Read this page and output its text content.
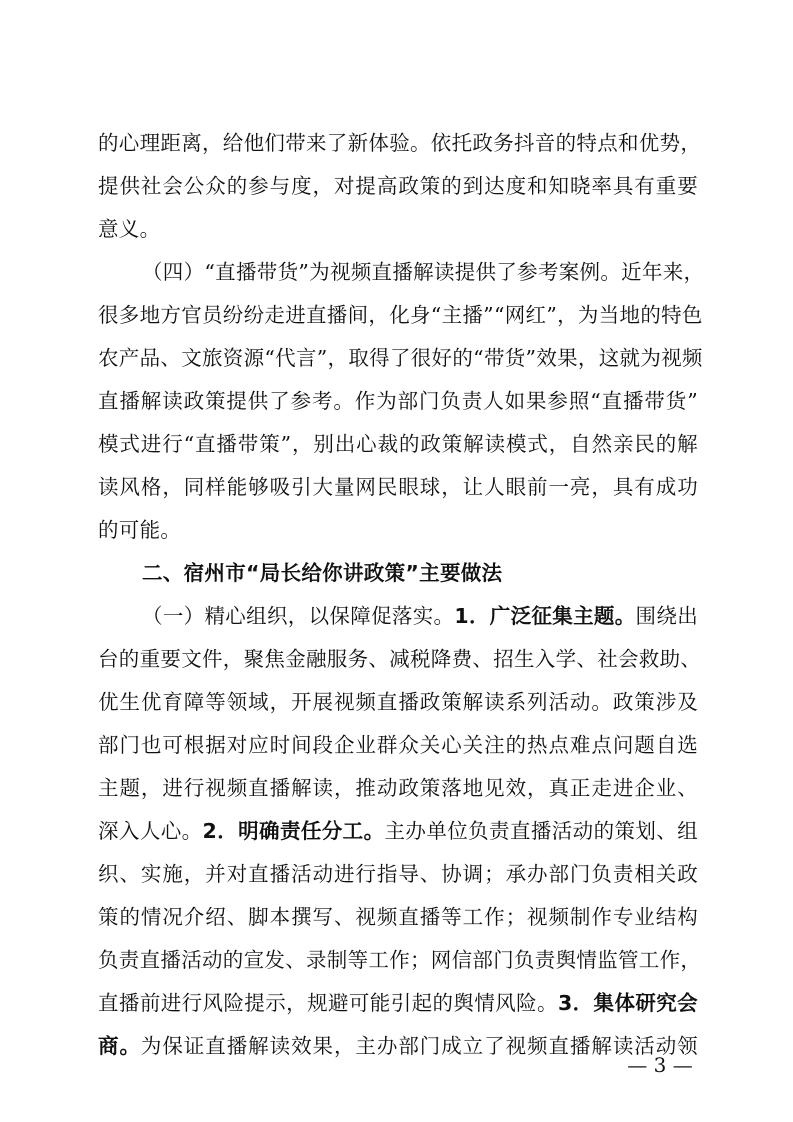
的心理距离，给他们带来了新体验。依托政务抖音的特点和优势，
提供社会公众的参与度，对提高政策的到达度和知晓率具有重要
意义。
（四）“直播带货”为视频直播解读提供了参考案例。近年来，
很多地方官员纷纷走进直播间，化身“主播”“网红”，为当地的特色
农产品、文旅资源“代言”，取得了很好的“带货”效果，这就为视频
直播解读政策提供了参考。作为部门负责人如果参照“直播带货”
模式进行“直播带策”，别出心裁的政策解读模式，自然亲民的解
读风格，同样能够吸引大量网民眼球，让人眼前一亮，具有成功
的可能。
二、宿州市“局长给你讲政策”主要做法
（一）精心组织，以保障促落实。1．广泛征集主题。围绕出
台的重要文件，聚焦金融服务、减税降费、招生入学、社会救助、
优生优育障等领域，开展视频直播政策解读系列活动。政策涉及
部门也可根据对应时间段企业群众关心关注的热点难点问题自选
主题，进行视频直播解读，推动政策落地见效，真正走进企业、
深入人心。2．明确责任分工。主办单位负责直播活动的策划、组
织、实施，并对直播活动进行指导、协调；承办部门负责相关政
策的情况介绍、脚本撰写、视频直播等工作；视频制作专业结构
负责直播活动的宣发、录制等工作；网信部门负责舆情监管工作，
直播前进行风险提示，规避可能引起的舆情风险。3．集体研究会
商。为保证直播解读效果，主办部门成立了视频直播解读活动领
— 3 —
